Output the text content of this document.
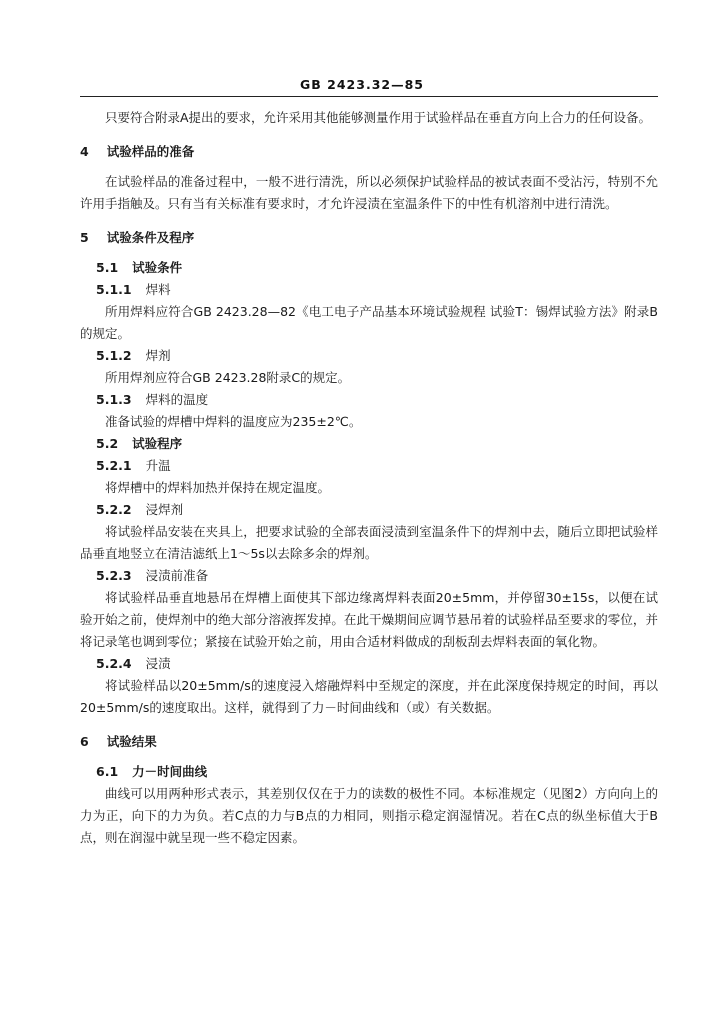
GB 2423.32—85

只要符合附录A提出的要求，允许采用其他能够测量作用于试验样品在垂直方向上合力的任何设备。

4 试验样品的准备

在试验样品的准备过程中，一般不进行清洗，所以必须保护试验样品的被试表面不受沾污，特别不允许用手指触及。只有当有关标准有要求时，才允许浸渍在室温条件下的中性有机溶剂中进行清洗。

5 试验条件及程序
5.1 试验条件
5.1.1 焊料

所用焊料应符合GB 2423.28—82《电工电子产品基本环境试验规程 试验T：锡焊试验方法》附录B的规定。

5.1.2 焊剂

所用焊剂应符合GB 2423.28附录C的规定。

5.1.3 焊料的温度

准备试验的焊槽中焊料的温度应为235±2℃。

5.2 试验程序
5.2.1 升温

将焊槽中的焊料加热并保持在规定温度。

5.2.2 浸焊剂

将试验样品安装在夹具上，把要求试验的全部表面浸渍到室温条件下的焊剂中去，随后立即把试验样品垂直地竖立在清洁滤纸上1～5s以去除多余的焊剂。

5.2.3 浸渍前准备

将试验样品垂直地悬吊在焊槽上面使其下部边缘离焊料表面20±5mm，并停留30±15s，以便在试验开始之前，使焊剂中的绝大部分溶液挥发掉。在此干燥期间应调节悬吊着的试验样品至要求的零位，并将记录笔也调到零位；紧接在试验开始之前，用由合适材料做成的刮板刮去焊料表面的氧化物。

5.2.4 浸渍

将试验样品以20±5mm/s的速度浸入熔融焊料中至规定的深度，并在此深度保持规定的时间，再以20±5mm/s的速度取出。这样，就得到了力－时间曲线和（或）有关数据。

6 试验结果
6.1 力－时间曲线

曲线可以用两种形式表示，其差别仅仅在于力的读数的极性不同。本标准规定（见图2）方向向上的力为正，向下的力为负。若C点的力与B点的力相同，则指示稳定润湿情况。若在C点的纵坐标值大于B点，则在润湿中就呈现一些不稳定因素。
